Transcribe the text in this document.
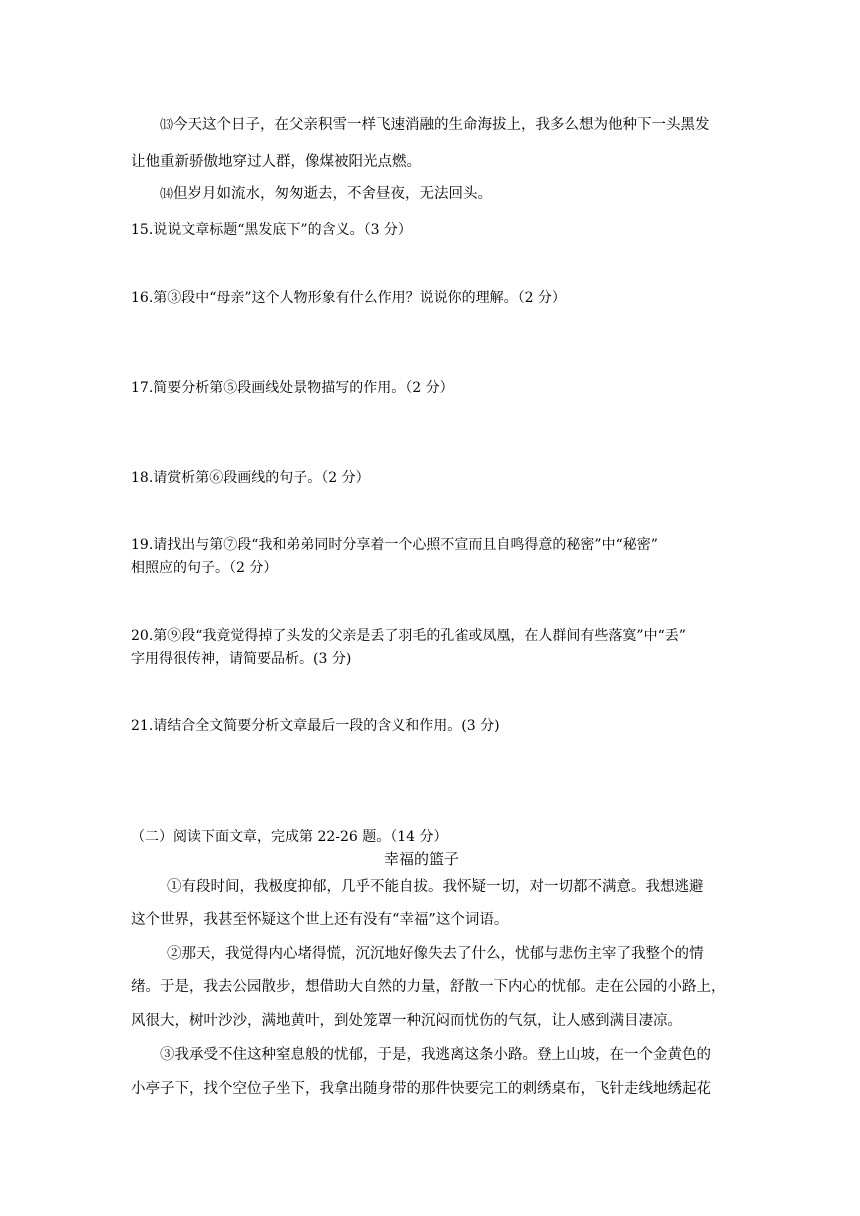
⒀今天这个日子，在父亲积雪一样飞速消融的生命海拔上，我多么想为他种下一头黑发
让他重新骄傲地穿过人群，像煤被阳光点燃。
⒁但岁月如流水，匆匆逝去，不舍昼夜，无法回头。
15.说说文章标题“黑发底下”的含义。（3 分）
16.第③段中“母亲”这个人物形象有什么作用？说说你的理解。（2 分）
17.简要分析第⑤段画线处景物描写的作用。（2 分）
18.请赏析第⑥段画线的句子。（2 分）
19.请找出与第⑦段“我和弟弟同时分享着一个心照不宣而且自鸣得意的秘密”中“秘密”
相照应的句子。（2 分）
20.第⑨段“我竟觉得掉了头发的父亲是丢了羽毛的孔雀或凤凰，在人群间有些落寞”中“丢”
字用得很传神，请简要品析。(3 分)
21.请结合全文简要分析文章最后一段的含义和作用。(3 分)
（二）阅读下面文章，完成第 22-26 题。（14 分）
幸福的篮子
①有段时间，我极度抑郁，几乎不能自拔。我怀疑一切，对一切都不满意。我想逃避
这个世界，我甚至怀疑这个世上还有没有“幸福”这个词语。
②那天，我觉得内心堵得慌，沉沉地好像失去了什么，忧郁与悲伤主宰了我整个的情
绪。于是，我去公园散步，想借助大自然的力量，舒散一下内心的忧郁。走在公园的小路上，
风很大，树叶沙沙，满地黄叶，到处笼罩一种沉闷而忧伤的气氛，让人感到满目凄凉。
③我承受不住这种窒息般的忧郁，于是，我逃离这条小路。登上山坡，在一个金黄色的
小亭子下，找个空位子坐下，我拿出随身带的那件快要完工的刺绣桌布，飞针走线地绣起花
